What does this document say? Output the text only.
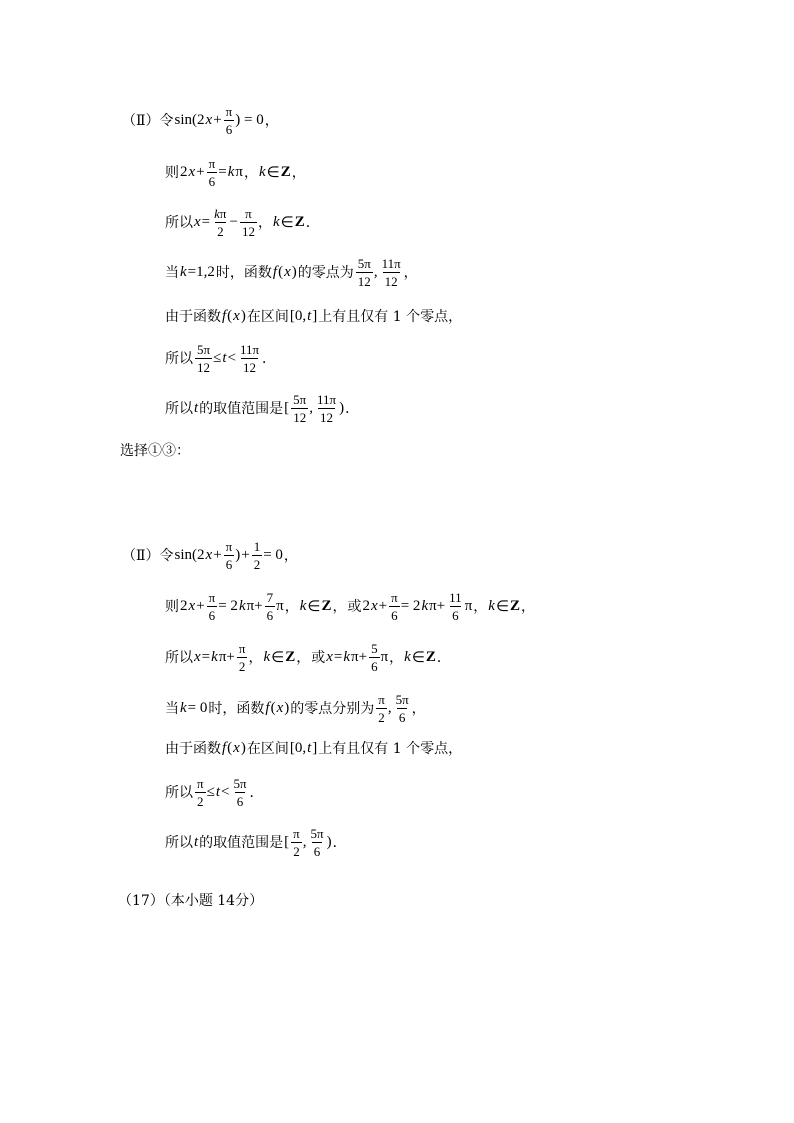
（Ⅱ）令 sin(2 $x + \frac{\pi}{6}$ ) = 0 ，
则 2 $x + \frac{\pi}{6} = k$ π ， k ∈ Z ，
所以 $x = \frac{k\pi}{2} - \frac{\pi}{12}$ ， k ∈ Z ．
当 k =1,2 时，函数 f ( x ) 的零点为 $\frac{5\pi}{12}$ , $\frac{11\pi}{12}$ ，
由于函数 f ( x ) 在区间 [0, t ] 上有且仅有 1 个零点，
所以 $\frac{5\pi}{12} \le t < \frac{11\pi}{12}$ ．
所以 t 的取值范围是 [ $\frac{5\pi}{12}$ , $\frac{11\pi}{12}$ ) ．
选择①③：
（Ⅱ）令 sin(2 $x + \frac{\pi}{6}$ ) + $\frac{1}{2} = 0$ ，
则 2 $x + \frac{\pi}{6} = 2$ k $\pi+ \frac{7}{6}$ π ， k ∈ Z ， 或 2 $x + \frac{\pi}{6} = 2$ k $\pi+ \frac{11}{6}$ π ， k ∈ Z ，
所以 x = k $\pi+ \frac{\pi}{2}$ ， k ∈ Z ， 或 x = k $\pi+ \frac{5}{6}$ π ， k ∈ Z ．
当 k = 0 时，函数 f ( x ) 的零点分别为 $\frac{\pi}{2}$ , $\frac{5\pi}{6}$ ，
由于函数 f ( x ) 在区间 [0, t ] 上有且仅有 1 个零点，
所以 $\frac{\pi}{2} \le t < \frac{5\pi}{6}$ ．
所以 t 的取值范围是 [ $\frac{\pi}{2}$ , $\frac{5\pi}{6}$ ) ．
（17）（本小题 14分）
